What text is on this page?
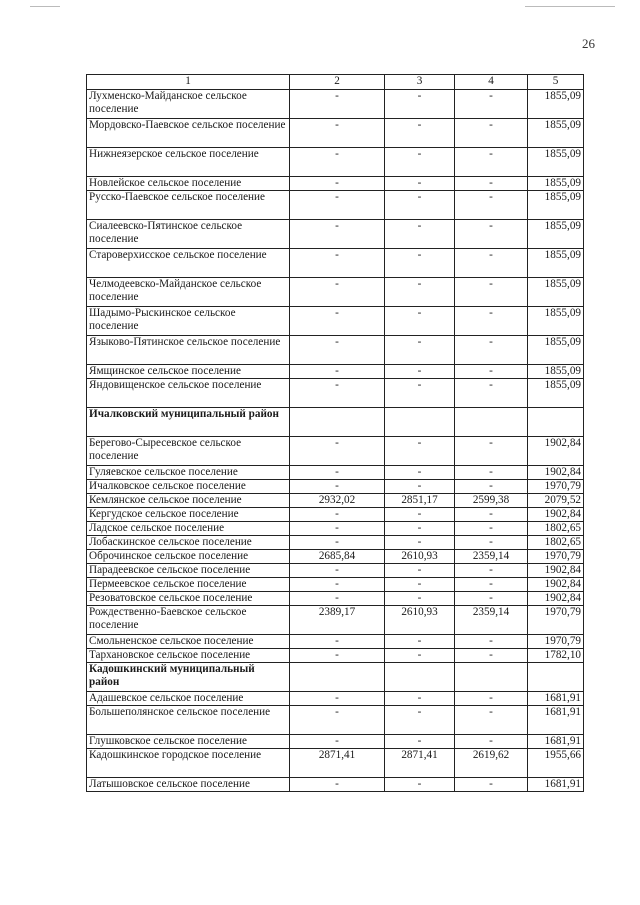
26
1	2	3	4	5
Лухменско-Майданское сельское поселение	-	-	-	1855,09
Мордовско-Паевское сельское поселение	-	-	-	1855,09
Нижнеязерское сельское поселение	-	-	-	1855,09
Новлейское сельское поселение	-	-	-	1855,09
Русско-Паевское сельское поселение	-	-	-	1855,09
Сиалеевско-Пятинское сельское поселение	-	-	-	1855,09
Староверхисское сельское поселение	-	-	-	1855,09
Челмодеевско-Майданское сельское поселение	-	-	-	1855,09
Шадымо-Рыскинское сельское поселение	-	-	-	1855,09
Языково-Пятинское сельское поселение	-	-	-	1855,09
Ямщинское сельское поселение	-	-	-	1855,09
Яндовищенское сельское поселение	-	-	-	1855,09
Ичалковский муниципальный район				
Берегово-Сыресевское сельское поселение	-	-	-	1902,84
Гуляевское сельское поселение	-	-	-	1902,84
Ичалковское сельское поселение	-	-	-	1970,79
Кемлянское сельское поселение	2932,02	2851,17	2599,38	2079,52
Кергудское сельское поселение	-	-	-	1902,84
Ладское сельское поселение	-	-	-	1802,65
Лобаскинское сельское поселение	-	-	-	1802,65
Оброчинское сельское поселение	2685,84	2610,93	2359,14	1970,79
Парадеевское сельское поселение	-	-	-	1902,84
Пермеевское сельское поселение	-	-	-	1902,84
Резоватовское сельское поселение	-	-	-	1902,84
Рождественно-Баевское сельское поселение	2389,17	2610,93	2359,14	1970,79
Смольненское сельское поселение	-	-	-	1970,79
Тархановское сельское поселение	-	-	-	1782,10
Кадошкинский муниципальный район				
Адашевское сельское поселение	-	-	-	1681,91
Большеполянское сельское поселение	-	-	-	1681,91
Глушковское сельское поселение	-	-	-	1681,91
Кадошкинское городское поселение	2871,41	2871,41	2619,62	1955,66
Латышовское сельское поселение	-	-	-	1681,91
